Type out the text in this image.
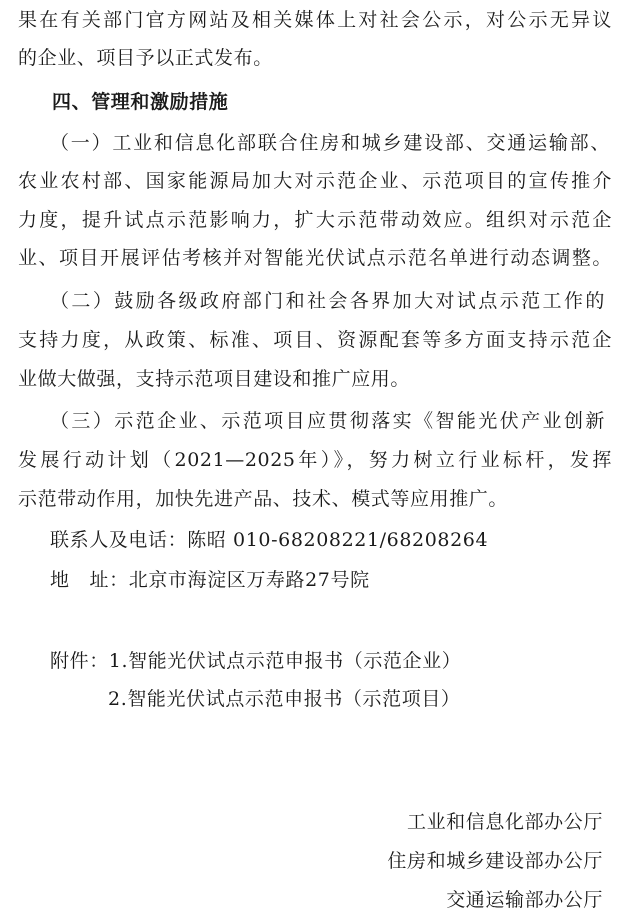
果在有关部门官方网站及相关媒体上对社会公示，对公示无异议
的企业、项目予以正式发布。
四、管理和激励措施
（一）工业和信息化部联合住房和城乡建设部、交通运输部、
农业农村部、国家能源局加大对示范企业、示范项目的宣传推介
力度，提升试点示范影响力，扩大示范带动效应。组织对示范企
业、项目开展评估考核并对智能光伏试点示范名单进行动态调整。
（二）鼓励各级政府部门和社会各界加大对试点示范工作的
支持力度，从政策、标准、项目、资源配套等多方面支持示范企
业做大做强，支持示范项目建设和推广应用。
（三）示范企业、示范项目应贯彻落实《智能光伏产业创新
发展行动计划（2021—2025年）》，努力树立行业标杆，发挥
示范带动作用，加快先进产品、技术、模式等应用推广。
联系人及电话：陈昭 010-68208221/68208264
地   址：北京市海淀区万寿路27号院
附件：1.智能光伏试点示范申报书（示范企业）
2.智能光伏试点示范申报书（示范项目）
工业和信息化部办公厅
住房和城乡建设部办公厅
交通运输部办公厅
